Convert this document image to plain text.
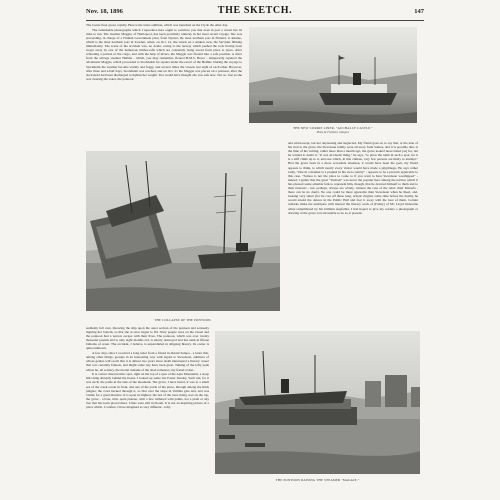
Nov. 18, 1896	THE SKETCH.	147

The Currie fleet grows rapidly. Here is the latest addition, which was launched on the Clyde the other day.

The remarkable photographs which I reproduce here ought to convince you that even in port a vessel has its risks to run. The steamer Maggie, of Hartlepool, has been peculiarly unlucky in her most recent voyage. She was proceeding, in charge of a Finnish Government pilot, from Nystad, the most northern port in Finland, to Raumo, which is the most northern port in Sweden, when, on Oct. 14, she struck on a sunken rock, the Sarvlaks fällning immediately. The scene of the accident was, no doubt, owing to the leeway which pushed the rock having been swept away by one of the numerous timber-rafts which are constantly being towed from place to place. After refloating a portion of the cargo, and with the help of divers, the Maggie was floated into a safe position. A diver from the salvage steamer Hellme - which, you may remember, floated H.M.S. Howe - temporarily repaired the adventurer Maggie, which proceeded to Stockholm for repairs under the escort of the Hellme. During the voyage to Stockholm the weather became stormy and foggy, and several times the vessels lost sight of each other. However, after three and a-half days, Stockholm was reached, and on Oct. 21 the Maggie was placed on a pontoon, after the dock-head had been discharged to lighten her weight. You would have thought she was safe now. Not so. Just as she was clearing the water, the pontoon

THE NEW CURRIE LINER, "AUCHALLY CASTLE."
Photo by Fordison, Glasgow.
THE COLLAPSE OF THE PONTOON.

and wind-swept, but not depressing and neglected. My friend goes on to say that, at the date of his visit to the grave, the Stevenson family were all away from Samoa, and it is possible that, at the time of his writing, rather more than a month ago, the grave looked more tidied (as) for, but he wanted to doubt it. "It was an idealic thing," he says, "to place the tomb in such a spot, for it is a stiff climb up to it, and one which, in this climate, very few persons are likely to attempt." Had the grave been in a more accessible situation, it would have been the goal, my friend appears to think, to which nearly every visitor would have made a pilgrimage. He says rather sadly, "One in a manner is a prophet in his own country" - appears to be a proverb applicable to this case. "Samoa is not the place to come to if you want to hear Stevenson worshipped" - indeed, I gather that the great "Tusitala" was never the popular hero among the natives which it has pleased some amiable folk to represent him, though, that he devoted himself to them and to their interests - not, perhaps, always too wisely, witness the case of the rebel chief Mataafa - there can be no doubt. No one could be more agreeable than Stevenson when he liked, and, looking very smart (for he cast off those long, artistic ringlets some time before his death), he would attend the dances in the Public Hall and foot it away with the best of them. Certain remarks make me anticipate with interest the literary work of [Fanny] of Mr. Lloyd Osbourne when remembered by his brilliant stepfather. I had hoped to give my readers a photograph or drawing of the grave, but am unable to do so at present.

suddenly fell over, throwing the ship upon the outer section of the pontoon and seriously injuring her bottom, so that she at once began to fill. Sixty people were on the vessel and the pontoon had a narrow escape with their lives. The pontoon, which was over twenty thousand pounds and is only eight months old, is utterly destroyed and lies sunk in fifteen fathoms of water. The accident, I believe, is unparalleled in shipping history. Its owner is quite unknown.

A few days since I received a long letter from a friend in distant Samoa - a letter that, among other things, gossips in an interesting way with regard to Stevenson, admirers of whose genius will recall that it is almost two years since death interrupted a literary career that was certainly famous, and might some day have been great. Talking of the lofty peak where he, all solitary, the mortal remains of the dead romancer, my friend writes -

It is a most characteristic spot, right on the top of a spur of the Apia Mountains, a steep hill rising abruptly behind the house. I looked up some last Easter Sunday. Such toil, for it was such; the paths in the side of the mountain. The grave, I have heard, it was at a small sea of the creek ocean in front, and one of the yards of the place, through among the thick jungles; the cross hacked through it, so that over the slope in Vailima gate and, and was visible for a great distance. It is upon its highest, the last of the trees rising over on the top, the grave - a bare, trim, open plateau, with a few withered wild palms, not a plant or any tree that has been placed there. Lilies were still in bloom. It is not an inspiring picture of a place which, I confess, I have imagined as very different - lofty

THE PONTOON RAISING THE STEAMER "MAGGIE."
